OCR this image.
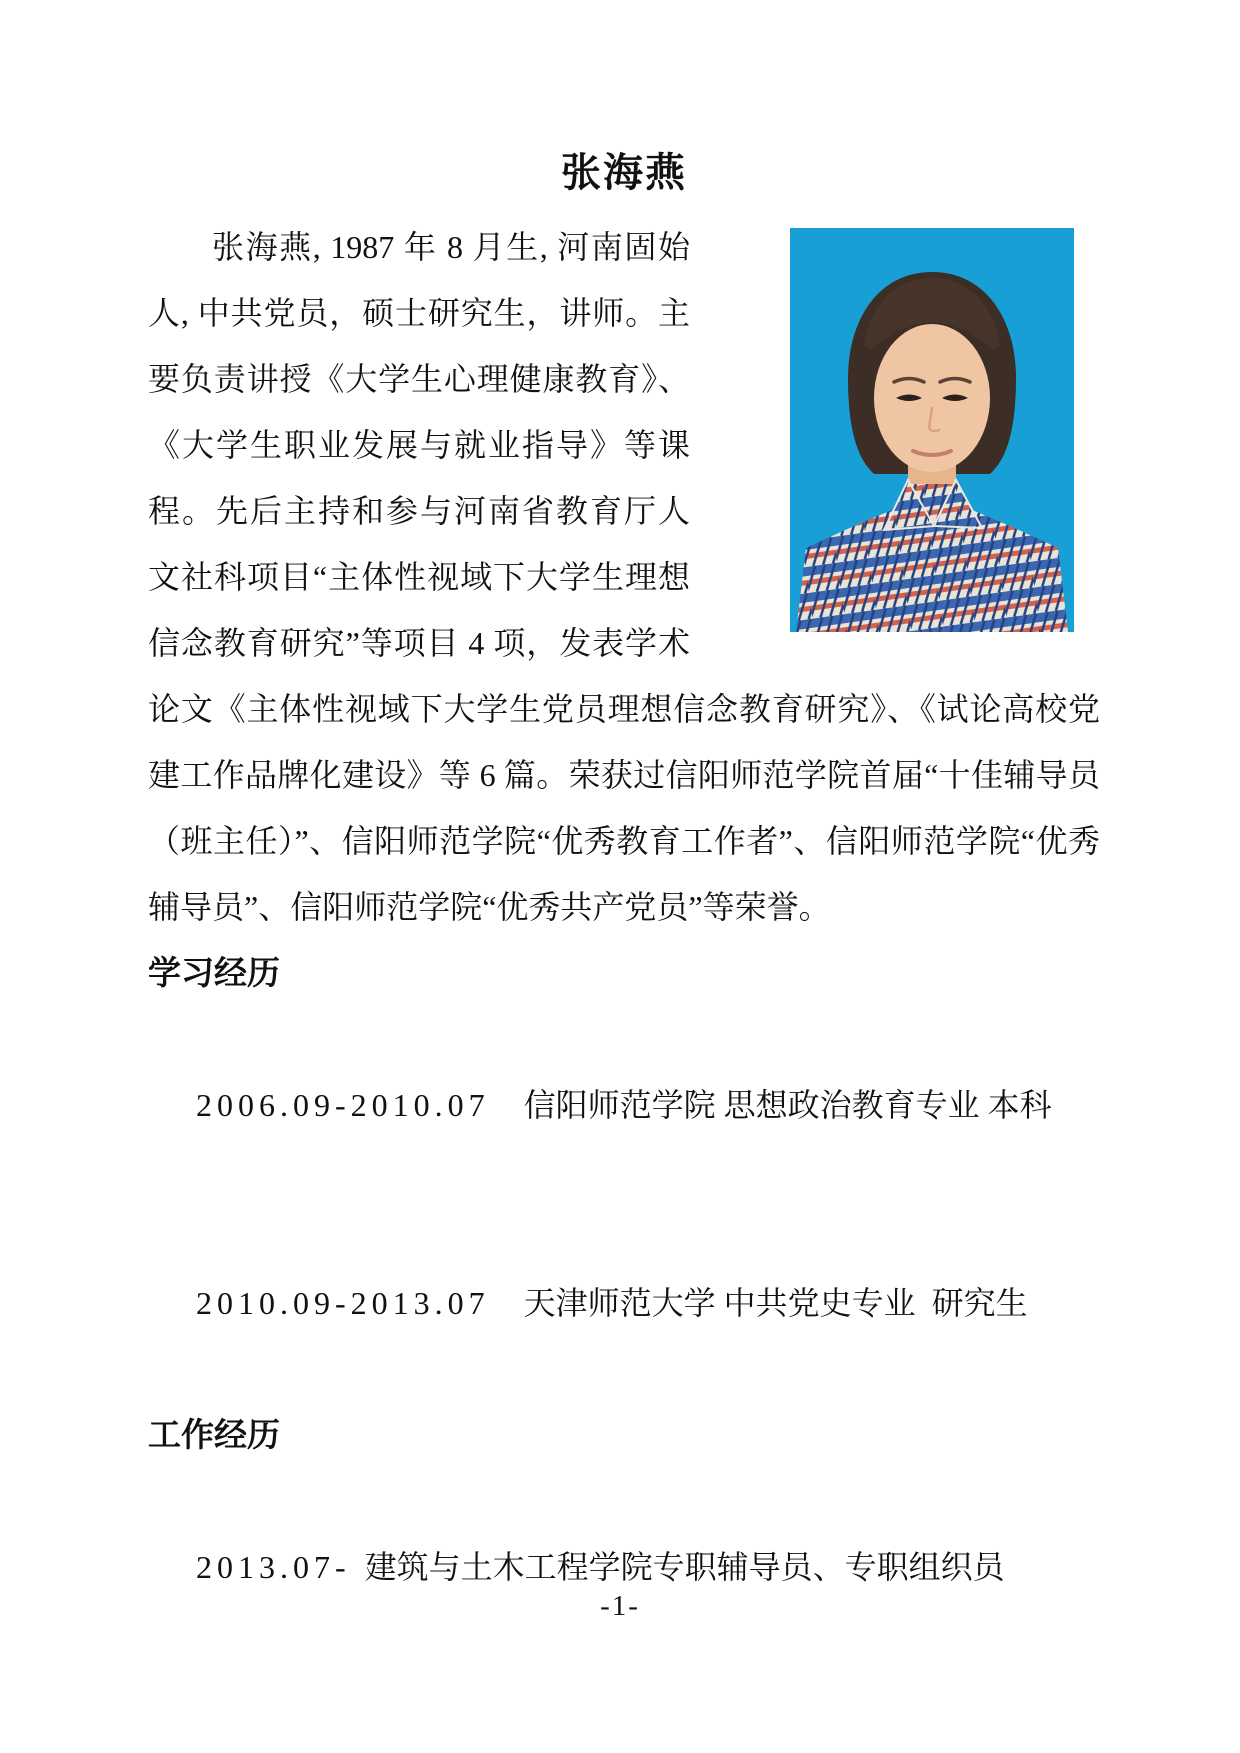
张海燕

张海燕, 1987 年 8 月生, 河南固始人, 中共党员，硕士研究生，讲师。主要负责讲授《大学生心理健康教育》、《大学生职业发展与就业指导》等课程。先后主持和参与河南省教育厅人文社科项目“主体性视域下大学生理想信念教育研究”等项目 4 项，发表学术论文《主体性视域下大学生党员理想信念教育研究》、《试论高校党建工作品牌化建设》等 6 篇。荣获过信阳师范学院首届“十佳辅导员（班主任）”、信阳师范学院“优秀教育工作者”、信阳师范学院“优秀辅导员”、信阳师范学院“优秀共产党员”等荣誉。

学习经历

2006.09-2010.07 信阳师范学院 思想政治教育专业 本科

2010.09-2013.07 天津师范大学 中共党史专业  研究生

工作经历

2013.07- 建筑与土木工程学院专职辅导员、专职组织员

-1-
